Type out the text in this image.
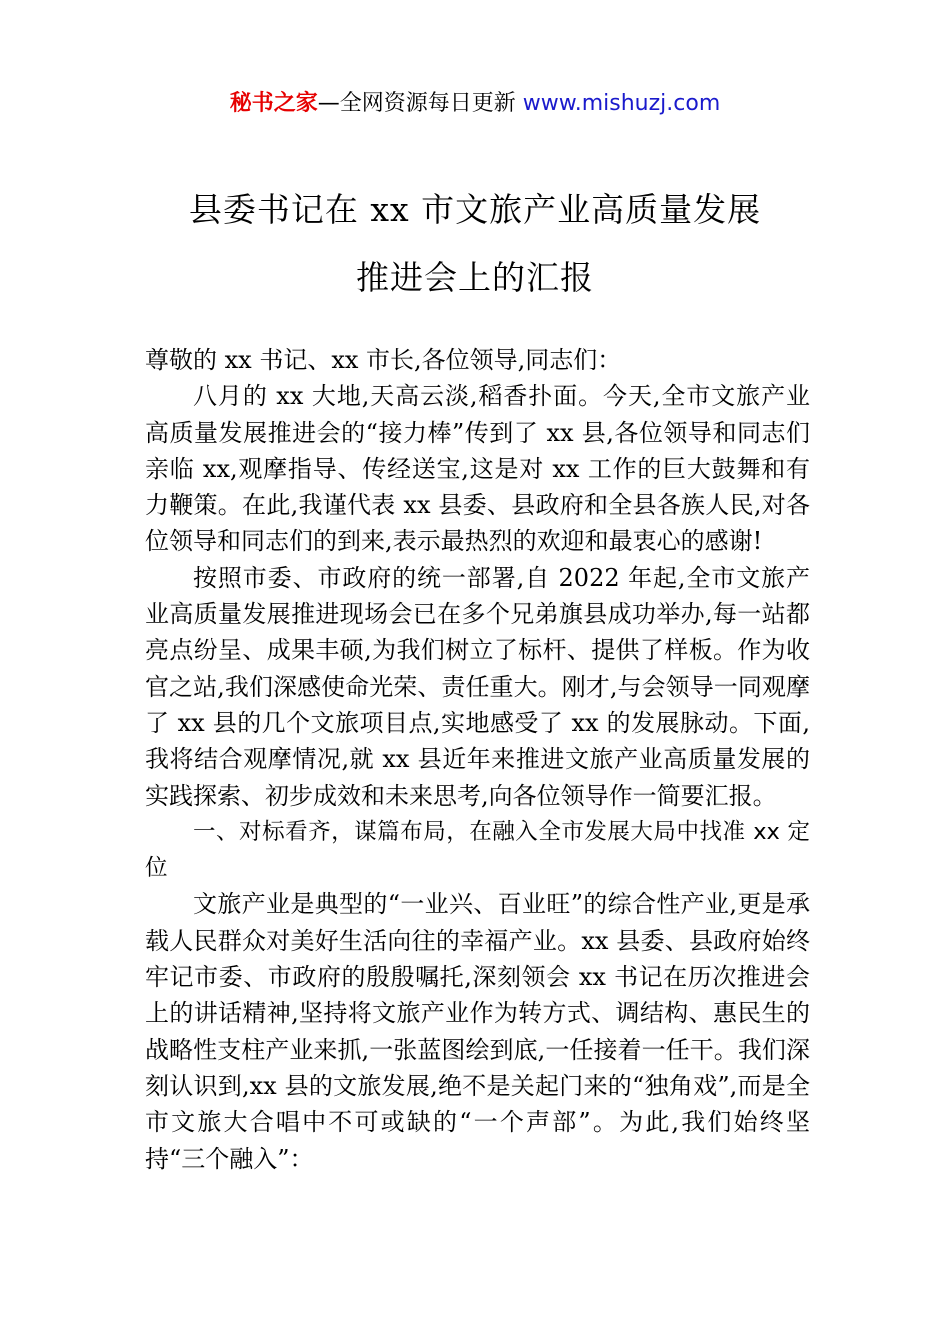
秘书之家—全网资源每日更新 www.mishuzj.com
县委书记在 xx 市文旅产业高质量发展
推进会上的汇报

尊敬的 xx 书记、xx 市长,各位领导,同志们：

八月的 xx 大地,天高云淡,稻香扑面。今天,全市文旅产业高质量发展推进会的“接力棒”传到了 xx 县,各位领导和同志们亲临 xx,观摩指导、传经送宝,这是对 xx 工作的巨大鼓舞和有力鞭策。在此,我谨代表 xx 县委、县政府和全县各族人民,对各位领导和同志们的到来,表示最热烈的欢迎和最衷心的感谢!

按照市委、市政府的统一部署,自 2022 年起,全市文旅产业高质量发展推进现场会已在多个兄弟旗县成功举办,每一站都亮点纷呈、成果丰硕,为我们树立了标杆、提供了样板。作为收官之站,我们深感使命光荣、责任重大。刚才,与会领导一同观摩了 xx 县的几个文旅项目点,实地感受了 xx 的发展脉动。下面,我将结合观摩情况,就 xx 县近年来推进文旅产业高质量发展的实践探索、初步成效和未来思考,向各位领导作一简要汇报。

一、对标看齐，谋篇布局，在融入全市发展大局中找准 xx 定位

文旅产业是典型的“一业兴、百业旺”的综合性产业,更是承载人民群众对美好生活向往的幸福产业。xx 县委、县政府始终牢记市委、市政府的殷殷嘱托,深刻领会 xx 书记在历次推进会上的讲话精神,坚持将文旅产业作为转方式、调结构、惠民生的战略性支柱产业来抓,一张蓝图绘到底,一任接着一任干。我们深刻认识到,xx 县的文旅发展,绝不是关起门来的“独角戏”,而是全市文旅大合唱中不可或缺的“一个声部”。为此,我们始终坚持“三个融入”：
